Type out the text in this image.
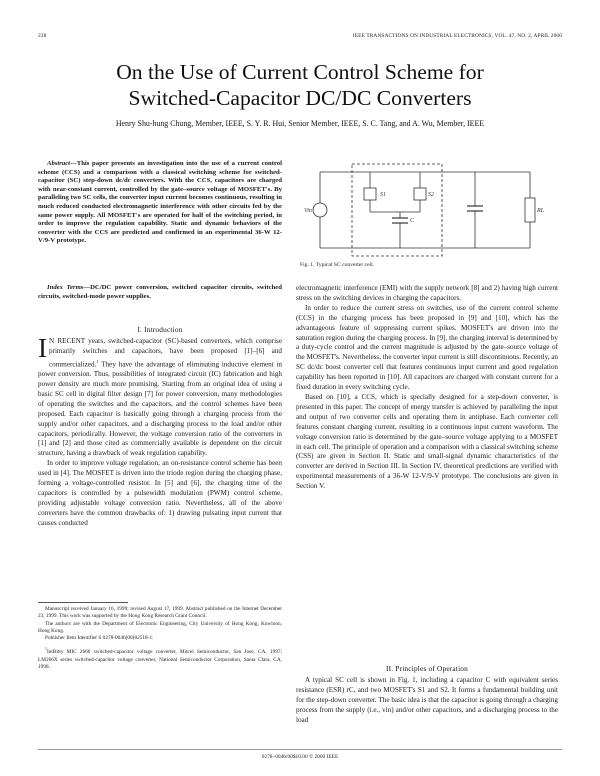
238	IEEE TRANSACTIONS ON INDUSTRIAL ELECTRONICS, VOL. 47, NO. 2, APRIL 2000
On the Use of Current Control Scheme for
Switched-Capacitor DC/DC Converters
Henry Shu-hung Chung, Member, IEEE, S. Y. R. Hui, Senior Member, IEEE, S. C. Tang, and A. Wu, Member, IEEE

Abstract—This paper presents an investigation into the use of a current control scheme (CCS) and a comparison with a classical switching scheme for switched-capacitor (SC) step-down dc/dc converters. With the CCS, capacitors are charged with near-constant current, controlled by the gate–source voltage of MOSFET's. By paralleling two SC cells, the converter input current becomes continuous, resulting in much reduced conducted electromagnetic interference with other circuits fed by the same power supply. All MOSFET's are operated for half of the switching period, in order to improve the regulation capability. Static and dynamic behaviors of the converter with the CCS are predicted and confirmed in an experimental 36-W 12-V/9-V prototype.

Index Terms—DC/DC power conversion, switched capacitor circuits, switched circuits, switched-mode power supplies.

I. Introduction

I N RECENT years, switched-capacitor (SC)-based converters, which comprise primarily switches and capacitors, have been proposed [1]–[6] and commercialized.$^1$ They have the advantage of eliminating inductive element in power conversion. Thus, possibilities of integrated circuit (IC) fabrication and high power density are much more promising. Starting from an original idea of using a basic SC cell in digital filter design [7] for power conversion, many methodologies of operating the switches and the capacitors, and the control schemes have been proposed. Each capacitor is basically going through a charging process from the supply and/or other capacitors, and a discharging process to the load and/or other capacitors, periodically. However, the voltage conversion ratio of the converters in [1] and [2] and those cited as commercially available is dependent on the circuit structure, having a drawback of weak regulation capability.

In order to improve voltage regulation, an on-resistance control scheme has been used in [4]. The MOSFET is driven into the triode region during the charging phase, forming a voltage-controlled resistor. In [5] and [6], the charging time of the capacitors is controlled by a pulsewidth modulation (PWM) control scheme, providing adjustable voltage conversion ratio. Nevertheless, all of the above converters have the common drawbacks of: 1) drawing pulsating input current that causes conducted

Manuscript received January 16, 1999; revised August 17, 1999. Abstract published on the Internet December 23, 1999. This work was supported by the Hong Kong Research Grant Council.

The authors are with the Department of Electronic Engineering, City University of Hong Kong, Kowloon, Hong Kong.

Publisher Item Identifier S 0278-0046(00)02518-1.

$^1$IntBitty MIC 2660 switched-capacitor voltage converter, Mitcel Semiconductor, San Jose, CA, 1997; LM266X series switched-capacitor voltage converter, National Semiconductor Corporation, Santa Clara, CA, 1998.

S1	S2
C
Vin	RL
Fig. 1. Typical SC converter cell.

electromagnetic interference (EMI) with the supply network [8] and 2) having high current stress on the switching devices in charging the capacitors.

In order to reduce the current stress on switches, use of the current control scheme (CCS) in the charging process has been proposed in [9] and [10], which has the advantageous feature of suppressing current spikes. MOSFET's are driven into the saturation region during the charging process. In [9], the charging interval is determined by a duty-cycle control and the current magnitude is adjusted by the gate–source voltage of the MOSFET's. Nevertheless, the converter input current is still discontinuous. Recently, an SC dc/dc boost converter cell that features continuous input current and good regulation capability has been reported in [10]. All capacitors are charged with constant current for a fixed duration in every switching cycle.

Based on [10], a CCS, which is specially designed for a step-down converter, is presented in this paper. The concept of energy transfer is achieved by paralleling the input and output of two converter cells and operating them in antiphase. Each converter cell features constant charging current, resulting in a continuous input current waveform. The voltage conversion ratio is determined by the gate–source voltage applying to a MOSFET in each cell. The principle of operation and a comparison with a classical switching scheme (CSS) are given in Section II. Static and small-signal dynamic characteristics of the converter are derived in Section III. In Section IV, theoretical predictions are verified with experimental measurements of a 36-W 12-V/9-V prototype. The conclusions are given in Section V.

II. Principles of Operation

A typical SC cell is shown in Fig. 1, including a capacitor C with equivalent series resistance (ESR) rC, and two MOSFET's S1 and S2. It forms a fundamental building unit for the step-down converter. The basic idea is that the capacitor is going through a charging process from the supply (i.e., vin) and/or other capacitors, and a discharging process to the load

0278–0046/00$10.00 © 2000 IEEE
